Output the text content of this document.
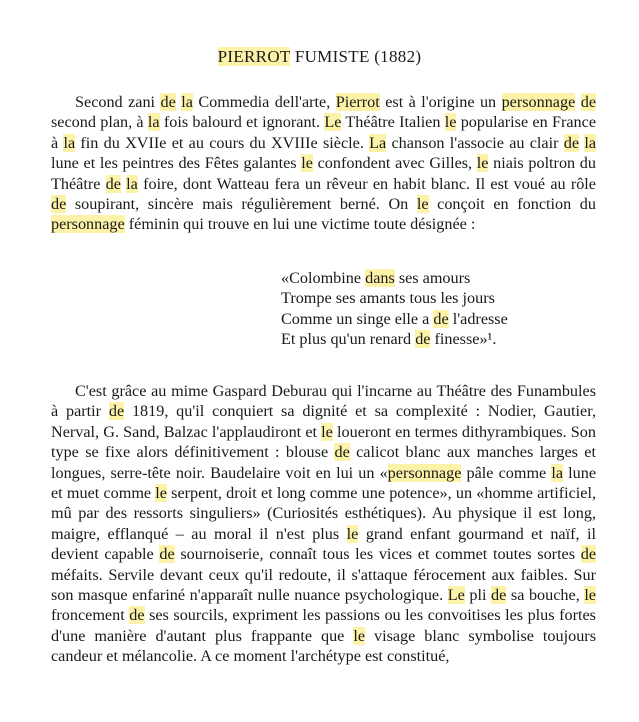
PIERROT FUMISTE (1882)
Second zani de la Commedia dell'arte, Pierrot est à l'origine un personnage de second plan, à la fois balourd et ignorant. Le Théâtre Italien le popularise en France à la fin du XVIIe et au cours du XVIIIe siècle. La chanson l'associe au clair de la lune et les peintres des Fêtes galantes le confondent avec Gilles, le niais poltron du Théâtre de la foire, dont Watteau fera un rêveur en habit blanc. Il est voué au rôle de soupirant, sincère mais régulièrement berné. On le conçoit en fonction du personnage féminin qui trouve en lui une victime toute désignée :
«Colombine dans ses amours
Trompe ses amants tous les jours
Comme un singe elle a de l'adresse
Et plus qu'un renard de finesse»¹.
C'est grâce au mime Gaspard Deburau qui l'incarne au Théâtre des Funambules à partir de 1819, qu'il conquiert sa dignité et sa complexité : Nodier, Gautier, Nerval, G. Sand, Balzac l'applaudiront et le loueront en termes dithyrambiques. Son type se fixe alors définitivement : blouse de calicot blanc aux manches larges et longues, serre-tête noir. Baudelaire voit en lui un «personnage pâle comme la lune et muet comme le serpent, droit et long comme une potence», un «homme artificiel, mû par des ressorts singuliers» (Curiosités esthétiques). Au physique il est long, maigre, efflanqué – au moral il n'est plus le grand enfant gourmand et naïf, il devient capable de sournoiserie, connaît tous les vices et commet toutes sortes de méfaits. Servile devant ceux qu'il redoute, il s'attaque férocement aux faibles. Sur son masque enfariné n'apparaît nulle nuance psychologique. Le pli de sa bouche, le froncement de ses sourcils, expriment les passions ou les convoitises les plus fortes d'une manière d'autant plus frappante que le visage blanc symbolise toujours candeur et mélancolie. A ce moment l'archétype est constitué,
